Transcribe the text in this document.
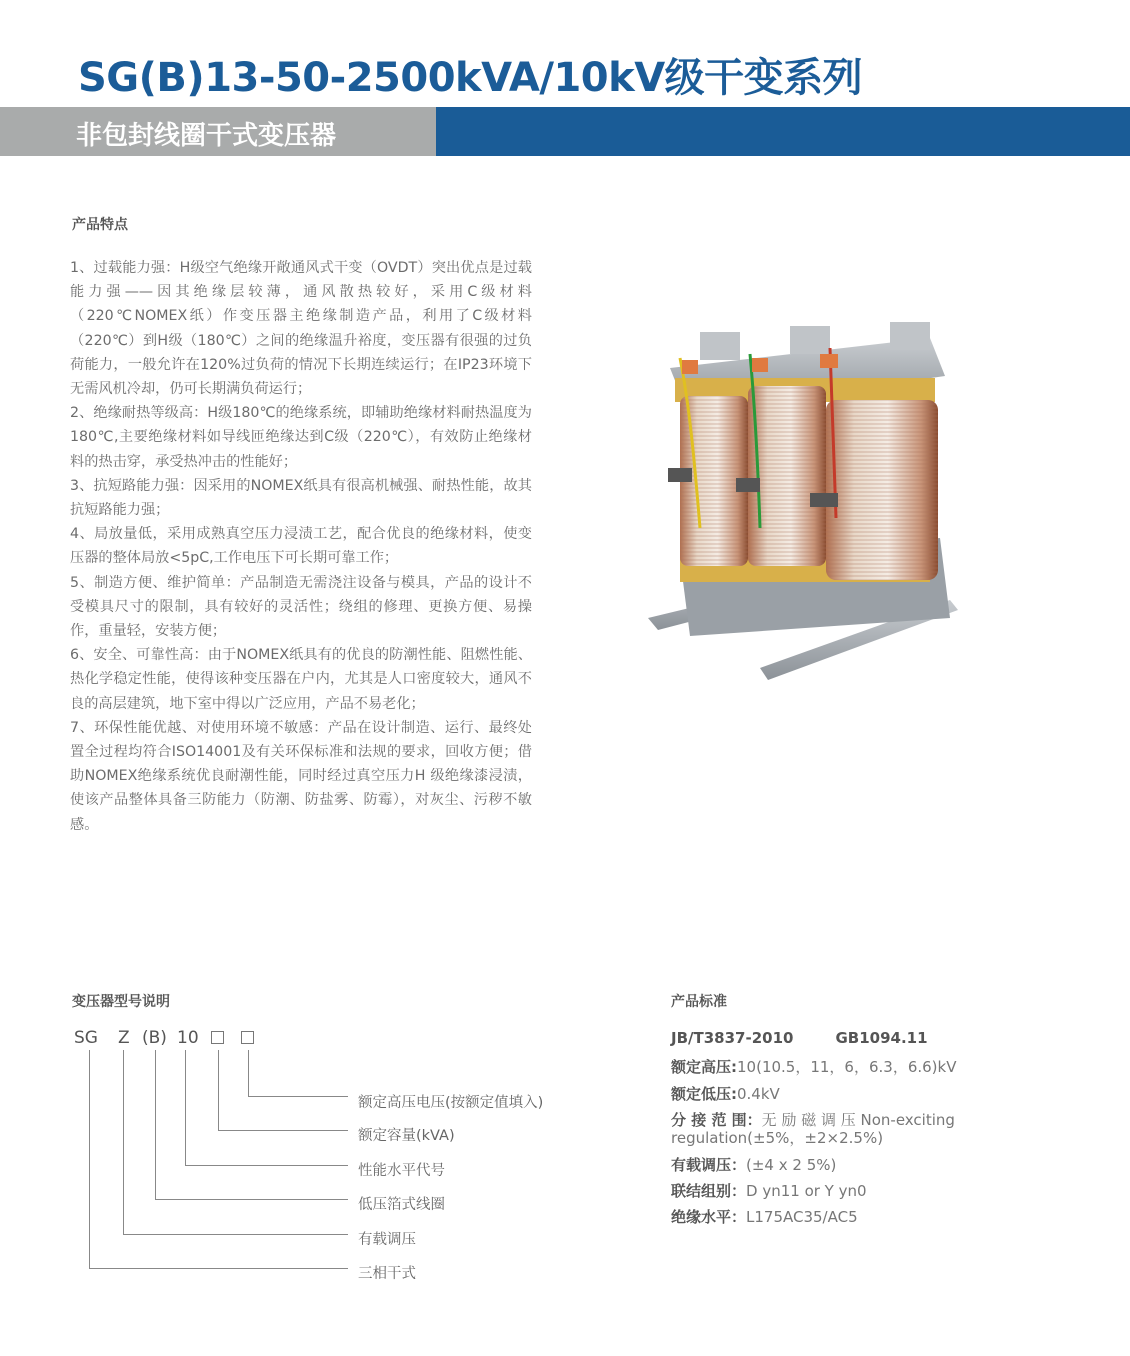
SG(B)13-50-2500kVA/10kV级干变系列
非包封线圈干式变压器
产品特点

1、过载能力强：H级空气绝缘开敞通风式干变（OVDT）突出优点是过载能力强——因其绝缘层较薄，通风散热较好，采用C级材料（220℃NOMEX纸）作变压器主绝缘制造产品，利用了C级材料（220℃）到H级（180℃）之间的绝缘温升裕度，变压器有很强的过负荷能力，一般允许在120%过负荷的情况下长期连续运行；在IP23环境下无需风机冷却，仍可长期满负荷运行；

2、绝缘耐热等级高：H级180℃的绝缘系统，即辅助绝缘材料耐热温度为180℃,主要绝缘材料如导线匝绝缘达到C级（220℃），有效防止绝缘材料的热击穿，承受热冲击的性能好；

3、抗短路能力强：因采用的NOMEX纸具有很高机械强、耐热性能，故其抗短路能力强；

4、局放量低，采用成熟真空压力浸渍工艺，配合优良的绝缘材料，使变压器的整体局放<5pC,工作电压下可长期可靠工作；

5、制造方便、维护简单：产品制造无需浇注设备与模具，产品的设计不受模具尺寸的限制，具有较好的灵活性；绕组的修理、更换方便、易操作，重量轻，安装方便；

6、安全、可靠性高：由于NOMEX纸具有的优良的防潮性能、阻燃性能、热化学稳定性能，使得该种变压器在户内，尤其是人口密度较大，通风不良的高层建筑，地下室中得以广泛应用，产品不易老化；

7、环保性能优越、对使用环境不敏感：产品在设计制造、运行、最终处置全过程均符合ISO14001及有关环保标准和法规的要求，回收方便；借助NOMEX绝缘系统优良耐潮性能，同时经过真空压力H 级绝缘漆浸渍，使该产品整体具备三防能力（防潮、防盐雾、防霉），对灰尘、污秽不敏感。

变压器型号说明
SG Z (B) 10
额定高压电压(按额定值填入)
额定容量(kVA)
性能水平代号
低压箔式线圈
有载调压
三相干式
产品标准
JB/T3837-2010	GB1094.11
额定高压:10(10.5，11，6，6.3，6.6)kV
额定低压:0.4kV
分 接 范 围：无 励 磁 调 压 Non-exciting
regulation(±5%，±2×2.5%)
有载调压：(±4 x 2 5%)
联结组别：D yn11 or Y yn0
绝缘水平：L175AC35/AC5
